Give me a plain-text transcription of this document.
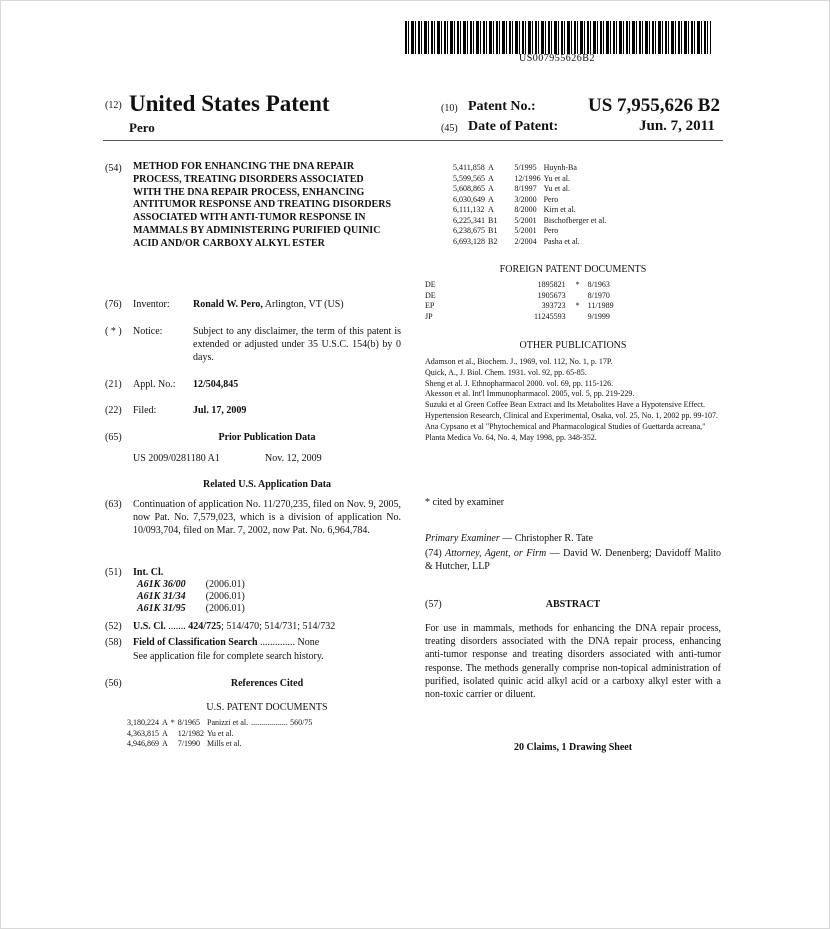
US007955626B2
(12) United States Patent
Pero
(10) Patent No.:	US 7,955,626 B2
(45) Date of Patent:	Jun. 7, 2011
(54) METHOD FOR ENHANCING THE DNA REPAIR PROCESS, TREATING DISORDERS ASSOCIATED WITH THE DNA REPAIR PROCESS, ENHANCING ANTITUMOR RESPONSE AND TREATING DISORDERS ASSOCIATED WITH ANTI-TUMOR RESPONSE IN MAMMALS BY ADMINISTERING PURIFIED QUINIC ACID AND/OR CARBOXY ALKYL ESTER
(76) Inventor: Ronald W. Pero, Arlington, VT (US)
( * ) Notice:	Subject to any disclaimer, the term of this patent is extended or adjusted under 35 U.S.C. 154(b) by 0 days.
(21) Appl. No.: 12/504,845
(22) Filed:	Jul. 17, 2009
(65)	Prior Publication Data
US 2009/0281180 A1	Nov. 12, 2009
Related U.S. Application Data
(63) Continuation of application No. 11/270,235, filed on Nov. 9, 2005, now Pat. No. 7,579,023, which is a division of application No. 10/093,704, filed on Mar. 7, 2002, now Pat. No. 6,964,784.
(51) Int. Cl.
A61K 36/00	(2006.01)
A61K 31/34	(2006.01)
A61K 31/95	(2006.01)
(52) U.S. Cl. ....... 424/725; 514/470; 514/731; 514/732
(58) Field of Classification Search .............. None
See application file for complete search history.
(56)	References Cited
U.S. PATENT DOCUMENTS
3,180,224	A	*	8/1965	Panizzi et al.	..................	560/75
4,363,815	A		12/1982	Yu et al.		
4,946,869	A		7/1990	Mills et al.		
5,411,858	A		5/1995	Huynh-Ba
5,599,565	A		12/1996	Yu et al.
5,608,865	A		8/1997	Yu et al.
6,030,649	A		3/2000	Pero
6,111,132	A		8/2000	Kirn et al.
6,225,341	B1		5/2001	Bischofberger et al.
6,238,675	B1		5/2001	Pero
6,693,128	B2		2/2004	Pasha et al.
FOREIGN PATENT DOCUMENTS
DE	1895821	*	8/1963
DE	1905673		8/1970
EP	393723	*	11/1989
JP	11245593		9/1999
OTHER PUBLICATIONS
Adamson et al., Biochem. J., 1969, vol. 112, No. 1, p. 17P.
Quick, A., J. Biol. Chem. 1931. vol. 92, pp. 65-85.
Sheng et al. J. Ethnopharmacol 2000. vol. 69, pp. 115-126.
Akesson et al. Int'l Immunopharmacol. 2005, vol. 5, pp. 219-229.
Suzuki et al Green Coffee Bean Extract and Its Metabolites Have a Hypotensive Effect. Hypertension Research, Clinical and Experimental, Osaka, vol. 25, No. 1, 2002 pp. 99-107.
Ana Cypsano et al "Phytochemical and Pharmacological Studies of Guettarda acreana," Planta Medica Vo. 64, No. 4, May 1998, pp. 348-352.
* cited by examiner
Primary Examiner — Christopher R. Tate
(74) Attorney, Agent, or Firm — David W. Denenberg; Davidoff Malito & Hutcher, LLP
(57)	ABSTRACT
For use in mammals, methods for enhancing the DNA repair process, treating disorders associated with the DNA repair process, enhancing anti-tumor response and treating disorders associated with anti-tumor response. The methods generally comprise non-topical administration of purified, isolated quinic acid alkyl acid or a carboxy alkyl ester with a non-toxic carrier or diluent.
20 Claims, 1 Drawing Sheet
